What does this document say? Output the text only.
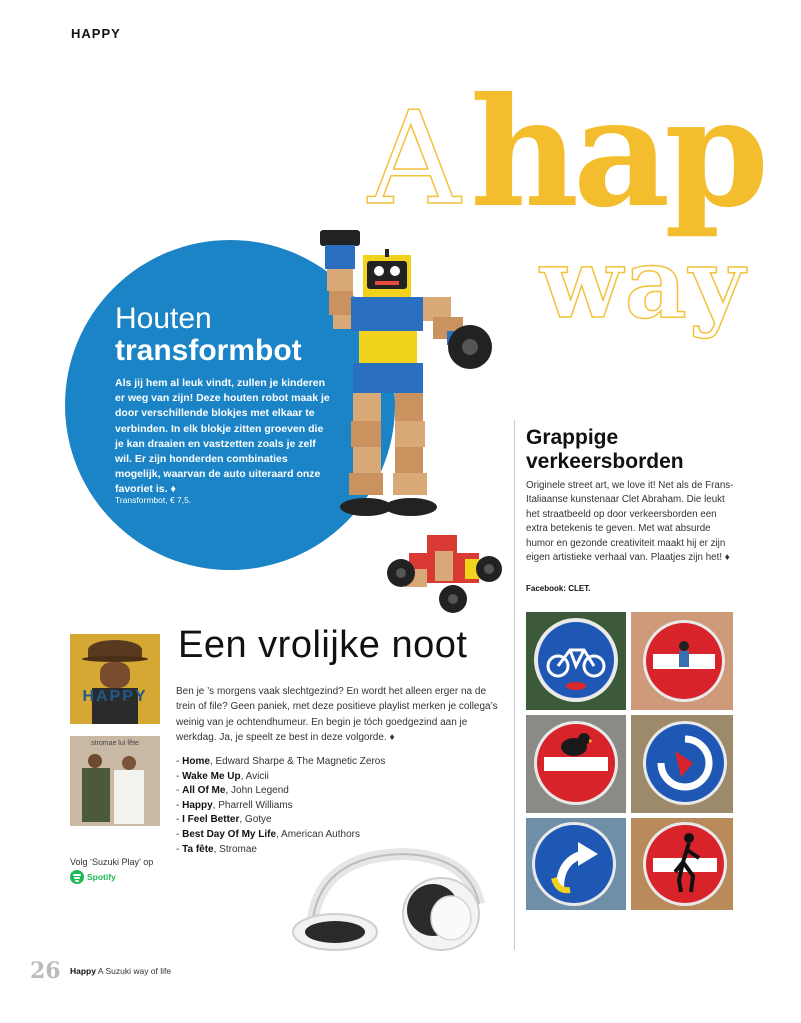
HAPPY
A hap
way
Houten
transformbot
Als jij hem al leuk vindt, zullen je kinderen er weg van zijn! Deze houten robot maak je door verschillende blokjes met elkaar te verbinden. In elk blokje zitten groeven die je kan draaien en vastzetten zoals je zelf wil. Er zijn honderden combinaties mogelijk, waarvan de auto uiteraard onze favoriet is. ♦
Transformbot, € 7,5.
Grappige verkeersborden
Originele street art, we love it! Net als de Frans-Italiaanse kunstenaar Clet Abraham. Die leukt het straatbeeld op door verkeersborden een extra betekenis te geven. Met wat absurde humor en gezonde creativiteit maakt hij er zijn eigen artistieke verhaal van. Plaatjes zijn het! ♦
Facebook: CLET.
HAPPY
stromae lui fête
Een vrolijke noot
Ben je ’s morgens vaak slechtgezind? En wordt het alleen erger na de trein of file? Geen paniek, met deze positieve playlist merken je collega’s weinig van je ochtendhumeur. En begin je tóch goedgezind aan je werkdag. Ja, je speelt ze best in deze volgorde. ♦
- Home, Edward Sharpe & The Magnetic Zeros
- Wake Me Up, Avicii
- All Of Me, John Legend
- Happy, Pharrell Williams
- I Feel Better, Gotye
- Best Day Of My Life, American Authors
- Ta fête, Stromae
Volg ‘Suzuki Play’ op
Spotify
26 Happy A Suzuki way of life
